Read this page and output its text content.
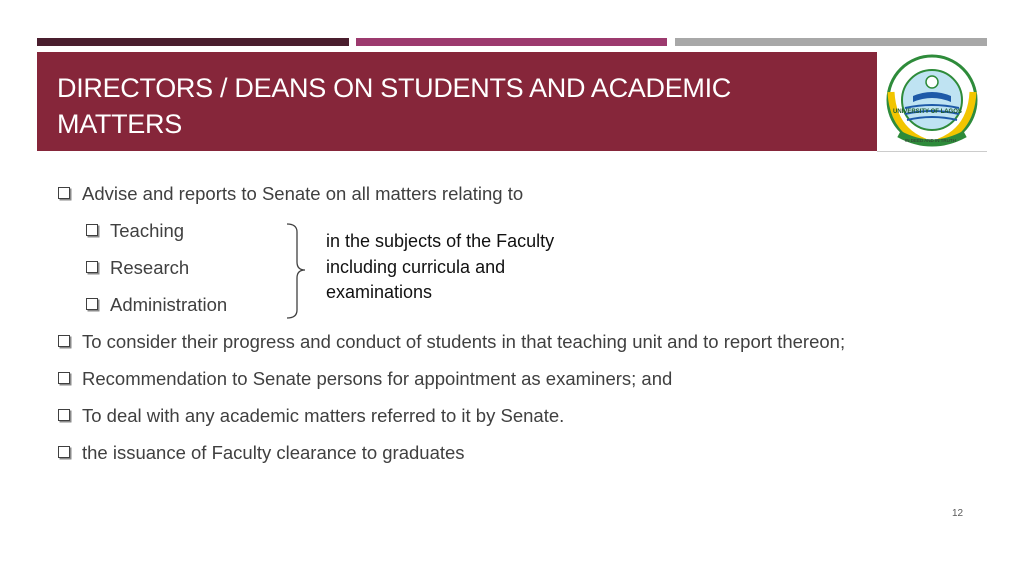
DIRECTORS / DEANS ON STUDENTS AND ACADEMIC MATTERS	UNIVERSITY OF LAGOS
IN DEED AND IN TRUTH
Advise and reports to Senate on all matters relating to
Teaching
Research
Administration
To consider their progress and conduct of students in that teaching unit and to report thereon;
Recommendation to Senate persons for appointment as examiners; and
To deal with any academic matters referred to it by Senate.
the issuance of Faculty clearance to graduates
in the subjects of the Faculty including curricula and examinations
12
